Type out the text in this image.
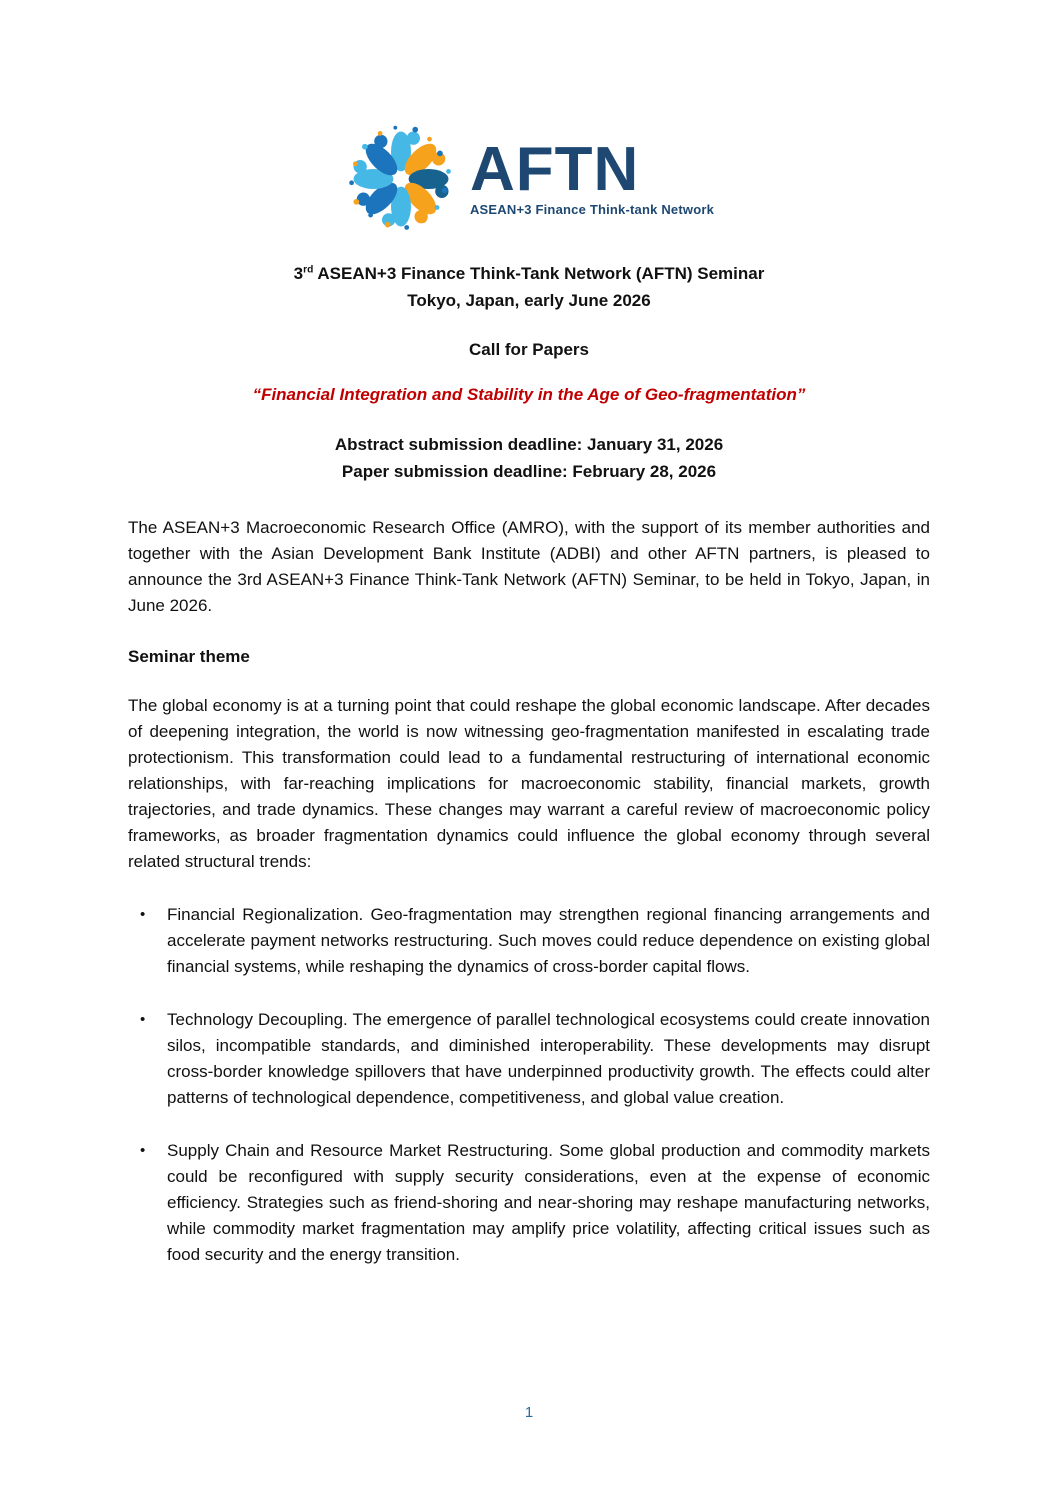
AFTN
ASEAN+3 Finance Think-tank Network
3rd ASEAN+3 Finance Think-Tank Network (AFTN) Seminar
Tokyo, Japan, early June 2026
Call for Papers
“Financial Integration and Stability in the Age of Geo-fragmentation”
Abstract submission deadline: January 31, 2026
Paper submission deadline: February 28, 2026

The ASEAN+3 Macroeconomic Research Office (AMRO), with the support of its member authorities and together with the Asian Development Bank Institute (ADBI) and other AFTN partners, is pleased to announce the 3rd ASEAN+3 Finance Think-Tank Network (AFTN) Seminar, to be held in Tokyo, Japan, in June 2026.

Seminar theme

The global economy is at a turning point that could reshape the global economic landscape. After decades of deepening integration, the world is now witnessing geo-fragmentation manifested in escalating trade protectionism. This transformation could lead to a fundamental restructuring of international economic relationships, with far-reaching implications for macroeconomic stability, financial markets, growth trajectories, and trade dynamics. These changes may warrant a careful review of macroeconomic policy frameworks, as broader fragmentation dynamics could influence the global economy through several related structural trends:

• Financial Regionalization. Geo-fragmentation may strengthen regional financing arrangements and accelerate payment networks restructuring. Such moves could reduce dependence on existing global financial systems, while reshaping the dynamics of cross-border capital flows.
• Technology Decoupling. The emergence of parallel technological ecosystems could create innovation silos, incompatible standards, and diminished interoperability. These developments may disrupt cross-border knowledge spillovers that have underpinned productivity growth. The effects could alter patterns of technological dependence, competitiveness, and global value creation.
• Supply Chain and Resource Market Restructuring. Some global production and commodity markets could be reconfigured with supply security considerations, even at the expense of economic efficiency. Strategies such as friend-shoring and near-shoring may reshape manufacturing networks, while commodity market fragmentation may amplify price volatility, affecting critical issues such as food security and the energy transition.
1
